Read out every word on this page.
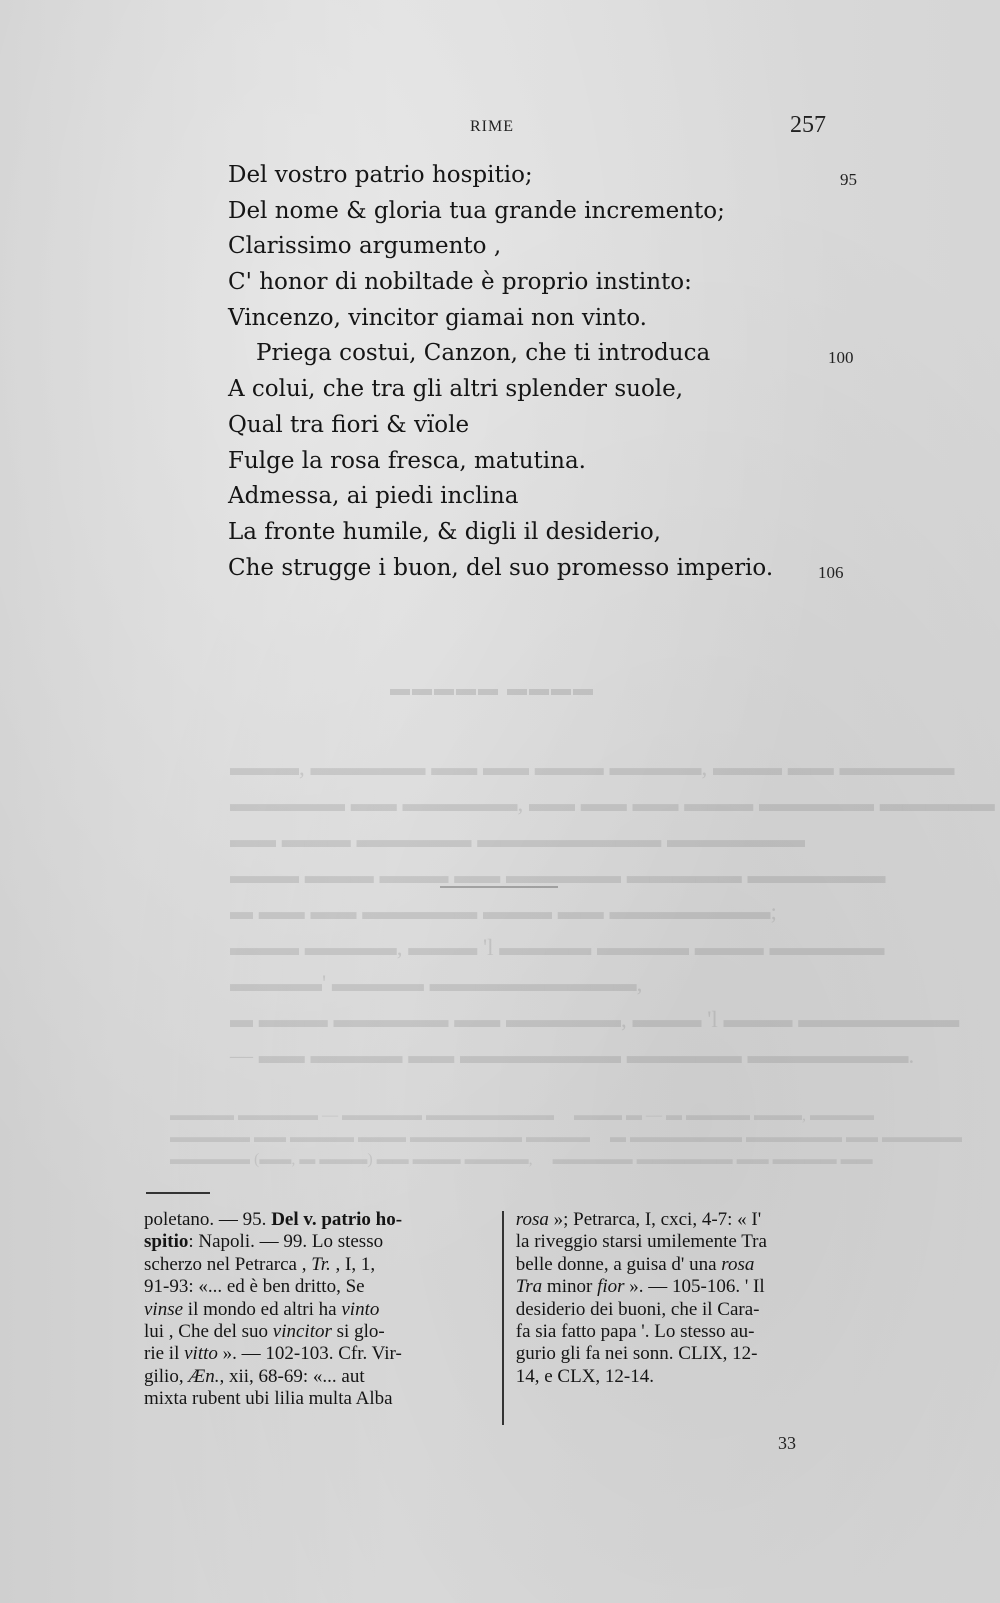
▬▬▬▬▬ ▬▬▬▬
▬▬▬, ▬▬▬▬▬ ▬▬ ▬▬ ▬▬▬ ▬▬▬▬, ▬▬▬ ▬▬ ▬▬▬▬▬
▬▬▬▬▬ ▬▬ ▬▬▬▬▬, ▬▬ ▬▬ ▬▬ ▬▬▬ ▬▬▬▬▬ ▬▬▬▬▬
▬▬ ▬▬▬ ▬▬▬▬▬ ▬▬▬▬▬▬▬▬ ▬▬▬▬▬▬
▬▬▬ ▬▬▬ ▬▬▬ ▬▬ ▬▬▬▬▬ ▬▬▬▬▬ ▬▬▬▬▬▬
▬ ▬▬ ▬▬ ▬▬▬▬▬ ▬▬▬ ▬▬ ▬▬▬▬▬▬▬;
▬▬▬ ▬▬▬▬, ▬▬▬ 'l ▬▬▬▬ ▬▬▬▬ ▬▬▬ ▬▬▬▬▬
▬▬▬▬' ▬▬▬▬ ▬▬▬▬▬▬▬▬▬,
▬ ▬▬▬ ▬▬▬▬▬ ▬▬ ▬▬▬▬▬, ▬▬▬ 'l ▬▬▬ ▬▬▬▬▬▬▬
— ▬▬ ▬▬▬▬ ▬▬ ▬▬▬▬▬▬▬ ▬▬▬▬▬ ▬▬▬▬▬▬▬.
▬▬▬▬ ▬▬▬▬▬ — ▬▬▬▬▬ ▬▬▬▬▬▬▬▬     ▬▬▬ ▬ — ▬ ▬▬▬▬ ▬▬▬, ▬▬▬▬
▬▬▬▬▬ ▬▬ ▬▬▬▬ ▬▬▬ ▬▬▬▬▬▬▬ ▬▬▬▬     ▬ ▬▬▬▬▬▬▬ ▬▬▬▬▬▬ ▬▬ ▬▬▬▬▬
▬▬▬▬▬ (▬▬, ▬ ▬▬▬) ▬▬ ▬▬▬ ▬▬▬▬,     ▬▬▬▬▬ ▬▬▬▬▬▬ ▬▬ ▬▬▬▬ ▬▬
RIME	257
Del vostro patrio hospitio;	95
Del nome & gloria tua grande incremento;
Clarissimo argumento ,
C' honor di nobiltade è proprio instinto:
Vincenzo, vincitor giamai non vinto.
Priega costui, Canzon, che ti introduca	100
A colui, che tra gli altri splender suole,
Qual tra fiori & vïole
Fulge la rosa fresca, matutina.
Admessa, ai piedi inclina
La fronte humile, & digli il desiderio,
Che strugge i buon, del suo promesso imperio.	106
poletano. — 95. Del v. patrio ho-
spitio: Napoli. — 99. Lo stesso
scherzo nel Petrarca , Tr. , I, 1,
91-93: «... ed è ben dritto, Se
vinse il mondo ed altri ha vinto
lui , Che del suo vincitor si glo-
rie il vitto ». — 102-103. Cfr. Vir-
gilio, Æn., xii, 68-69: «... aut
mixta rubent ubi lilia multa Alba
rosa »; Petrarca, I, cxci, 4-7: « I'
la riveggio starsi umilemente Tra
belle donne, a guisa d' una rosa
Tra minor fior ». — 105-106. ' Il
desiderio dei buoni, che il Cara-
fa sia fatto papa '. Lo stesso au-
gurio gli fa nei sonn. CLIX, 12-
14, e CLX, 12-14.
33
